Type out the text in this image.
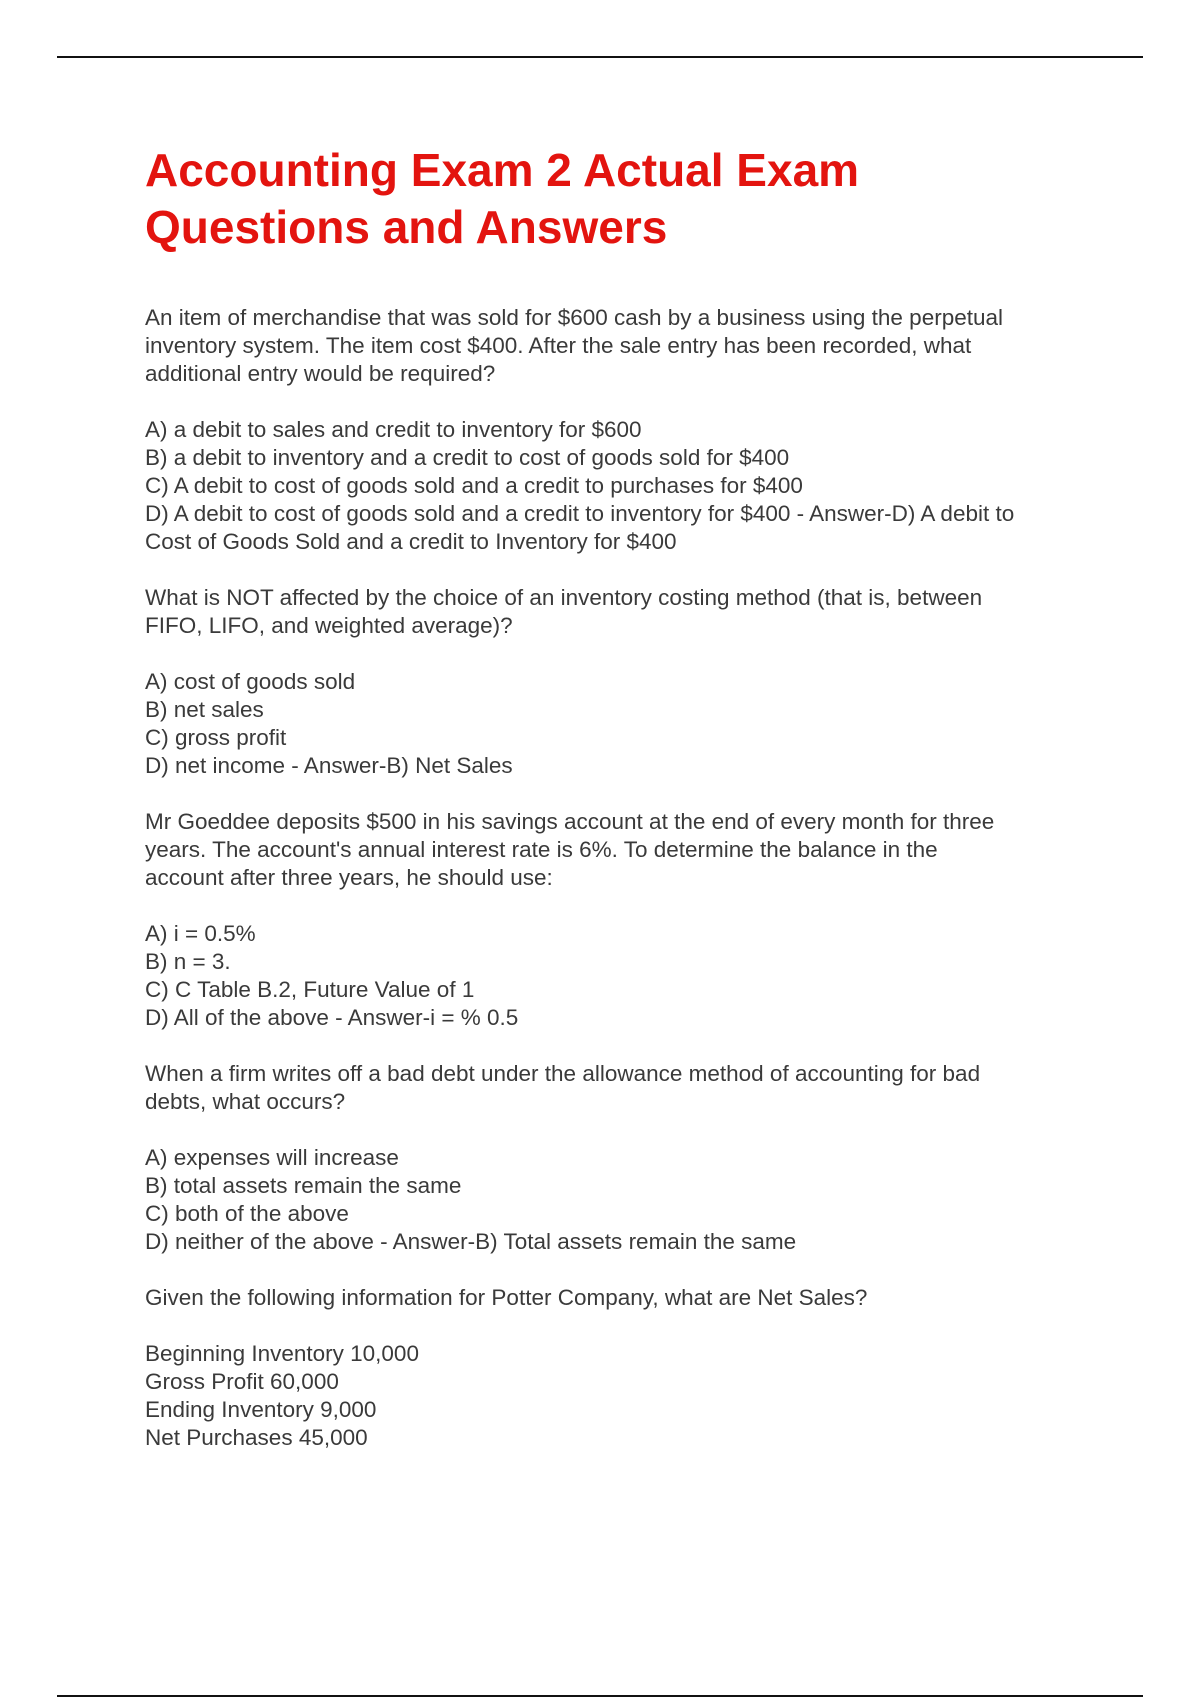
Accounting Exam 2 Actual Exam
Questions and Answers
An item of merchandise that was sold for $600 cash by a business using the perpetual
inventory system. The item cost $400. After the sale entry has been recorded, what
additional entry would be required?
A) a debit to sales and credit to inventory for $600
B) a debit to inventory and a credit to cost of goods sold for $400
C) A debit to cost of goods sold and a credit to purchases for $400
D) A debit to cost of goods sold and a credit to inventory for $400 - Answer-D) A debit to
Cost of Goods Sold and a credit to Inventory for $400
What is NOT affected by the choice of an inventory costing method (that is, between
FIFO, LIFO, and weighted average)?
A) cost of goods sold
B) net sales
C) gross profit
D) net income - Answer-B) Net Sales
Mr Goeddee deposits $500 in his savings account at the end of every month for three
years. The account's annual interest rate is 6%. To determine the balance in the
account after three years, he should use:
A) i = 0.5%
B) n = 3.
C) C Table B.2, Future Value of 1
D) All of the above - Answer-i = % 0.5
When a firm writes off a bad debt under the allowance method of accounting for bad
debts, what occurs?
A) expenses will increase
B) total assets remain the same
C) both of the above
D) neither of the above - Answer-B) Total assets remain the same
Given the following information for Potter Company, what are Net Sales?
Beginning Inventory 10,000
Gross Profit 60,000
Ending Inventory 9,000
Net Purchases 45,000
